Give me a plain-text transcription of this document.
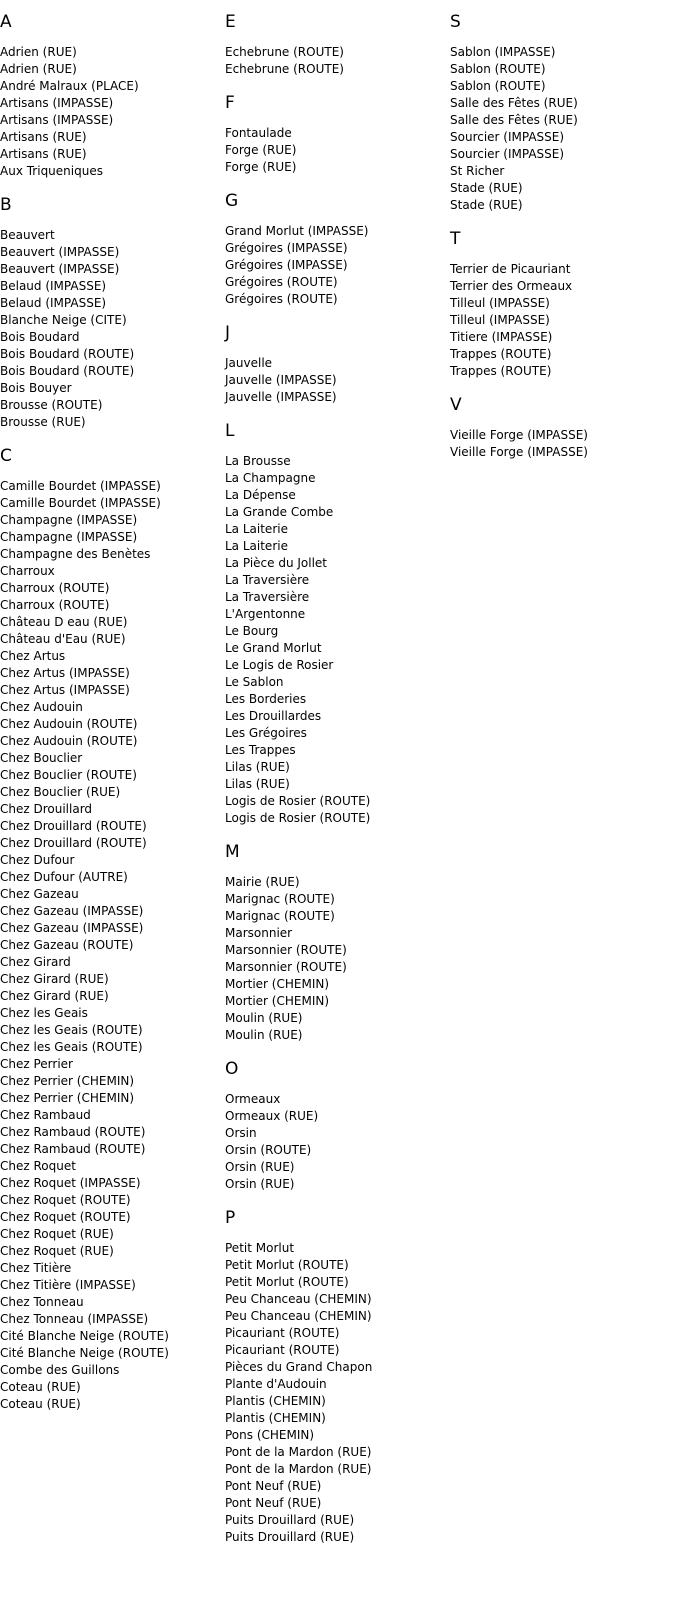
A
Adrien (RUE)
Adrien (RUE)
André Malraux (PLACE)
Artisans (IMPASSE)
Artisans (IMPASSE)
Artisans (RUE)
Artisans (RUE)
Aux Triqueniques
B
Beauvert
Beauvert (IMPASSE)
Beauvert (IMPASSE)
Belaud (IMPASSE)
Belaud (IMPASSE)
Blanche Neige (CITE)
Bois Boudard
Bois Boudard (ROUTE)
Bois Boudard (ROUTE)
Bois Bouyer
Brousse (ROUTE)
Brousse (RUE)
C
Camille Bourdet (IMPASSE)
Camille Bourdet (IMPASSE)
Champagne (IMPASSE)
Champagne (IMPASSE)
Champagne des Benètes
Charroux
Charroux (ROUTE)
Charroux (ROUTE)
Château D eau (RUE)
Château d'Eau (RUE)
Chez Artus
Chez Artus (IMPASSE)
Chez Artus (IMPASSE)
Chez Audouin
Chez Audouin (ROUTE)
Chez Audouin (ROUTE)
Chez Bouclier
Chez Bouclier (ROUTE)
Chez Bouclier (RUE)
Chez Drouillard
Chez Drouillard (ROUTE)
Chez Drouillard (ROUTE)
Chez Dufour
Chez Dufour (AUTRE)
Chez Gazeau
Chez Gazeau (IMPASSE)
Chez Gazeau (IMPASSE)
Chez Gazeau (ROUTE)
Chez Girard
Chez Girard (RUE)
Chez Girard (RUE)
Chez les Geais
Chez les Geais (ROUTE)
Chez les Geais (ROUTE)
Chez Perrier
Chez Perrier (CHEMIN)
Chez Perrier (CHEMIN)
Chez Rambaud
Chez Rambaud (ROUTE)
Chez Rambaud (ROUTE)
Chez Roquet
Chez Roquet (IMPASSE)
Chez Roquet (ROUTE)
Chez Roquet (ROUTE)
Chez Roquet (RUE)
Chez Roquet (RUE)
Chez Titière
Chez Titière (IMPASSE)
Chez Tonneau
Chez Tonneau (IMPASSE)
Cité Blanche Neige (ROUTE)
Cité Blanche Neige (ROUTE)
Combe des Guillons
Coteau (RUE)
Coteau (RUE)
E
Echebrune (ROUTE)
Echebrune (ROUTE)
F
Fontaulade
Forge (RUE)
Forge (RUE)
G
Grand Morlut (IMPASSE)
Grégoires (IMPASSE)
Grégoires (IMPASSE)
Grégoires (ROUTE)
Grégoires (ROUTE)
J
Jauvelle
Jauvelle (IMPASSE)
Jauvelle (IMPASSE)
L
La Brousse
La Champagne
La Dépense
La Grande Combe
La Laiterie
La Laiterie
La Pièce du Jollet
La Traversière
La Traversière
L'Argentonne
Le Bourg
Le Grand Morlut
Le Logis de Rosier
Le Sablon
Les Borderies
Les Drouillardes
Les Grégoires
Les Trappes
Lilas (RUE)
Lilas (RUE)
Logis de Rosier (ROUTE)
Logis de Rosier (ROUTE)
M
Mairie (RUE)
Marignac (ROUTE)
Marignac (ROUTE)
Marsonnier
Marsonnier (ROUTE)
Marsonnier (ROUTE)
Mortier (CHEMIN)
Mortier (CHEMIN)
Moulin (RUE)
Moulin (RUE)
O
Ormeaux
Ormeaux (RUE)
Orsin
Orsin (ROUTE)
Orsin (RUE)
Orsin (RUE)
P
Petit Morlut
Petit Morlut (ROUTE)
Petit Morlut (ROUTE)
Peu Chanceau (CHEMIN)
Peu Chanceau (CHEMIN)
Picauriant (ROUTE)
Picauriant (ROUTE)
Pièces du Grand Chapon
Plante d'Audouin
Plantis (CHEMIN)
Plantis (CHEMIN)
Pons (CHEMIN)
Pont de la Mardon (RUE)
Pont de la Mardon (RUE)
Pont Neuf (RUE)
Pont Neuf (RUE)
Puits Drouillard (RUE)
Puits Drouillard (RUE)
S
Sablon (IMPASSE)
Sablon (ROUTE)
Sablon (ROUTE)
Salle des Fêtes (RUE)
Salle des Fêtes (RUE)
Sourcier (IMPASSE)
Sourcier (IMPASSE)
St Richer
Stade (RUE)
Stade (RUE)
T
Terrier de Picauriant
Terrier des Ormeaux
Tilleul (IMPASSE)
Tilleul (IMPASSE)
Titiere (IMPASSE)
Trappes (ROUTE)
Trappes (ROUTE)
V
Vieille Forge (IMPASSE)
Vieille Forge (IMPASSE)
